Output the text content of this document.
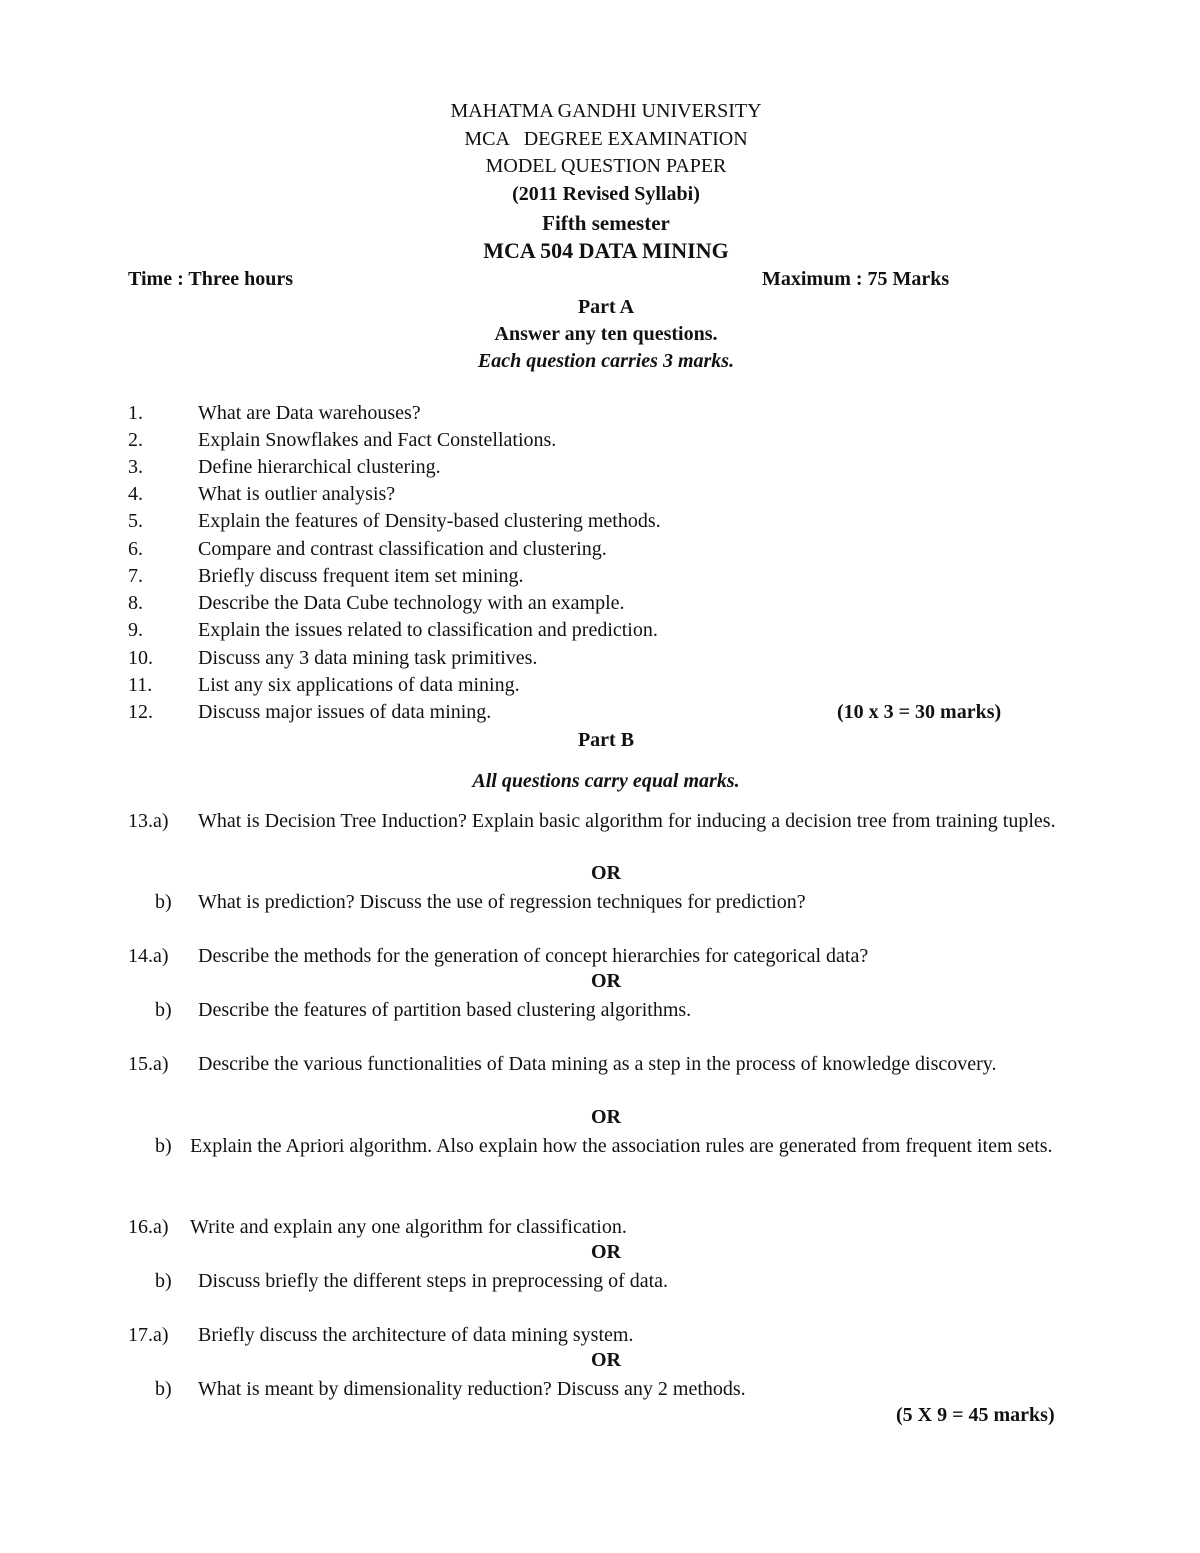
MAHATMA GANDHI UNIVERSITY

MCA   DEGREE EXAMINATION

MODEL QUESTION PAPER

(2011 Revised Syllabi)

Fifth semester

MCA 504 DATA MINING

Time : Three hours	Maximum : 75 Marks

Part A

Answer any ten questions.

Each question carries 3 marks.

1.	What are Data warehouses?
2.	Explain Snowflakes and Fact Constellations.
3.	Define hierarchical clustering.
4.	What is outlier analysis?
5.	Explain the features of Density-based clustering methods.
6.	Compare and contrast classification and clustering.
7.	Briefly discuss frequent item set mining.
8.	Describe the Data Cube technology with an example.
9.	Explain the issues related to classification and prediction.
10. Discuss any 3 data mining task primitives.
11. List any six applications of data mining.
12. Discuss major issues of data mining.	(10 x 3 = 30 marks)

Part B

All questions carry equal marks.

13.a) What is Decision Tree Induction? Explain basic algorithm for inducing a decision tree from training tuples.
OR
b) What is prediction? Discuss the use of regression techniques for prediction?
14.a) Describe the methods for the generation of concept hierarchies for categorical data?
OR
b) Describe the features of partition based clustering algorithms.
15.a) Describe the various functionalities of Data mining as a step in the process of knowledge discovery.
OR
b) Explain the Apriori algorithm. Also explain how the association rules are generated from frequent item sets.
16.a) Write and explain any one algorithm for classification.
OR
b) Discuss briefly the different steps in preprocessing of data.
17.a) Briefly discuss the architecture of data mining system.
OR
b) What is meant by dimensionality reduction? Discuss any 2 methods.

(5 X 9 = 45 marks)
